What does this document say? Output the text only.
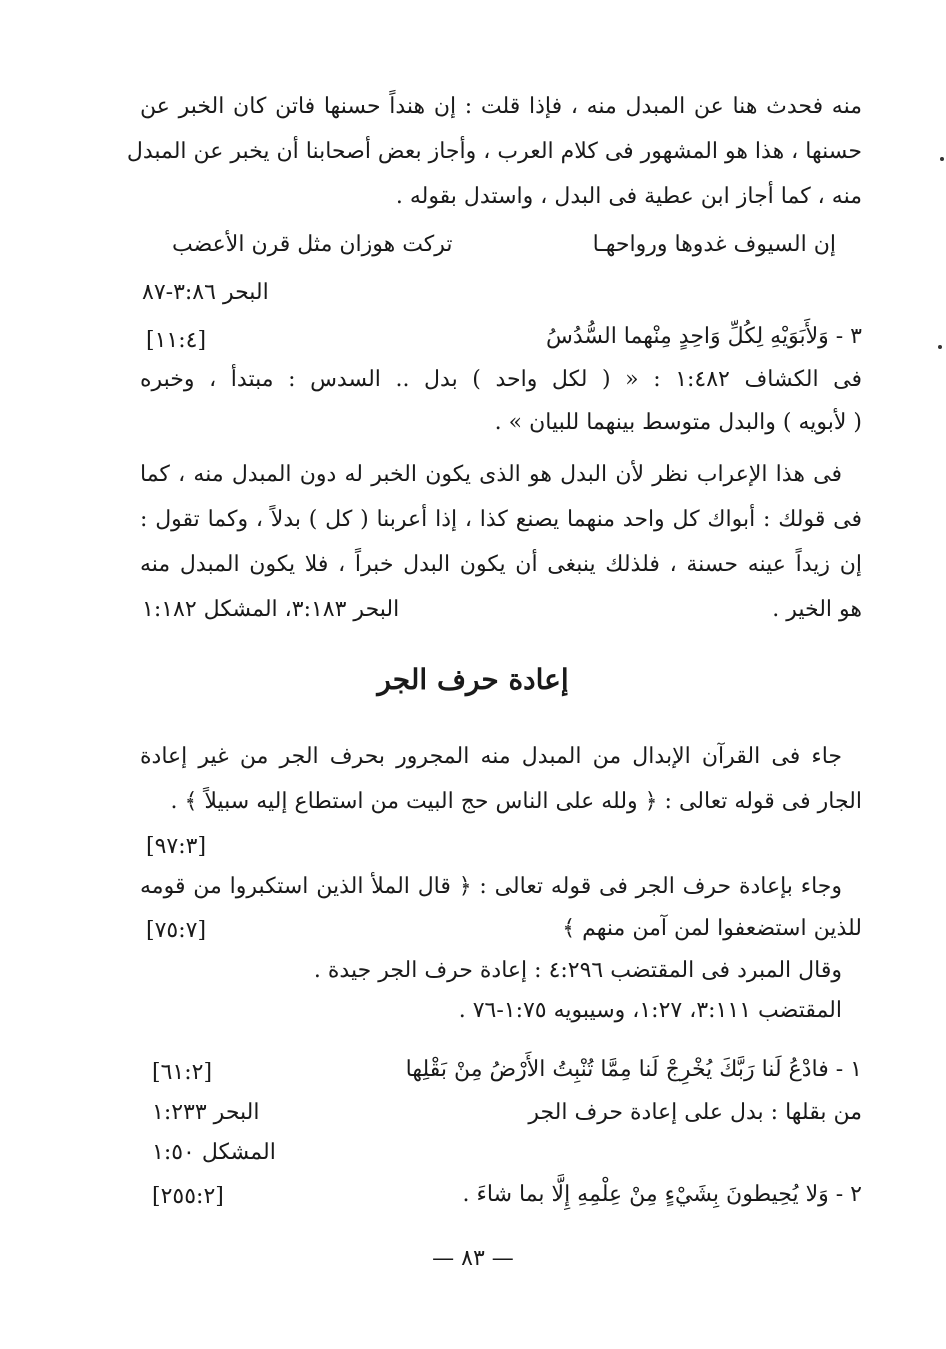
منه فحدث هنا عن المبدل منه ، فإذا قلت : إن هنداً حسنها فاتن كان الخبر عن
حسنها ، هذا هو المشهور فى كلام العرب ، وأجاز بعض أصحابنا أن يخبر عن المبدل
منه ، كما أجاز ابن عطية فى البدل ، واستدل بقوله .
إن السيوف غدوها ورواحهـا
تركت هوزان مثل قرن الأعضب
البحر ٣:٨٦-٨٧
٣ - وَلأَبَوَيْهِ لِكُلِّ وَاحِدٍ مِنْهما السُّدُسُ
[١١:٤]
فى الكشاف ١:٤٨٢ : « ( لكل واحد ) بدل .. السدس : مبتدأ ، وخبره
( لأبويه ) والبدل متوسط بينهما للبيان » .
فى هذا الإعراب نظر لأن البدل هو الذى يكون الخبر له دون المبدل منه ، كما
فى قولك : أبواك كل واحد منهما يصنع كذا ، إذا أعربنا ( كل ) بدلاً ، وكما تقول :
إن زيداً عينه حسنة ، فلذلك ينبغى أن يكون البدل خبراً ، فلا يكون المبدل منه
هو الخير .
البحر ٣:١٨٣، المشكل ١:١٨٢
إعادة حرف الجر
جاء فى القرآن الإبدال من المبدل منه المجرور بحرف الجر من غير إعادة
الجار فى قوله تعالى : ﴿ ولله على الناس حج البيت من استطاع إليه سبيلاً ﴾ .
[٩٧:٣]
وجاء بإعادة حرف الجر فى قوله تعالى : ﴿ قال الملأ الذين استكبروا من قومه
للذين استضعفوا لمن آمن منهم ﴾
[٧٥:٧]
وقال المبرد فى المقتضب ٤:٢٩٦ : إعادة حرف الجر جيدة .
المقتضب ٣:١١١، ١:٢٧، وسيبويه ١:٧٥-٧٦ .
١ - فادْعُ لَنا رَبَّكَ يُخْرِجْ لَنا مِمَّا تُنْبِتُ الأَرْضُ مِنْ بَقْلِها
[٦١:٢]
من بقلها : بدل على إعادة حرف الجر
البحر ١:٢٣٣
المشكل ١:٥٠
٢ - وَلا يُحِيطونَ بِشَيْءٍ مِنْ عِلْمِهِ إِلَّا بما شاءَ .
[٢٥٥:٢]
— ٨٣ —
